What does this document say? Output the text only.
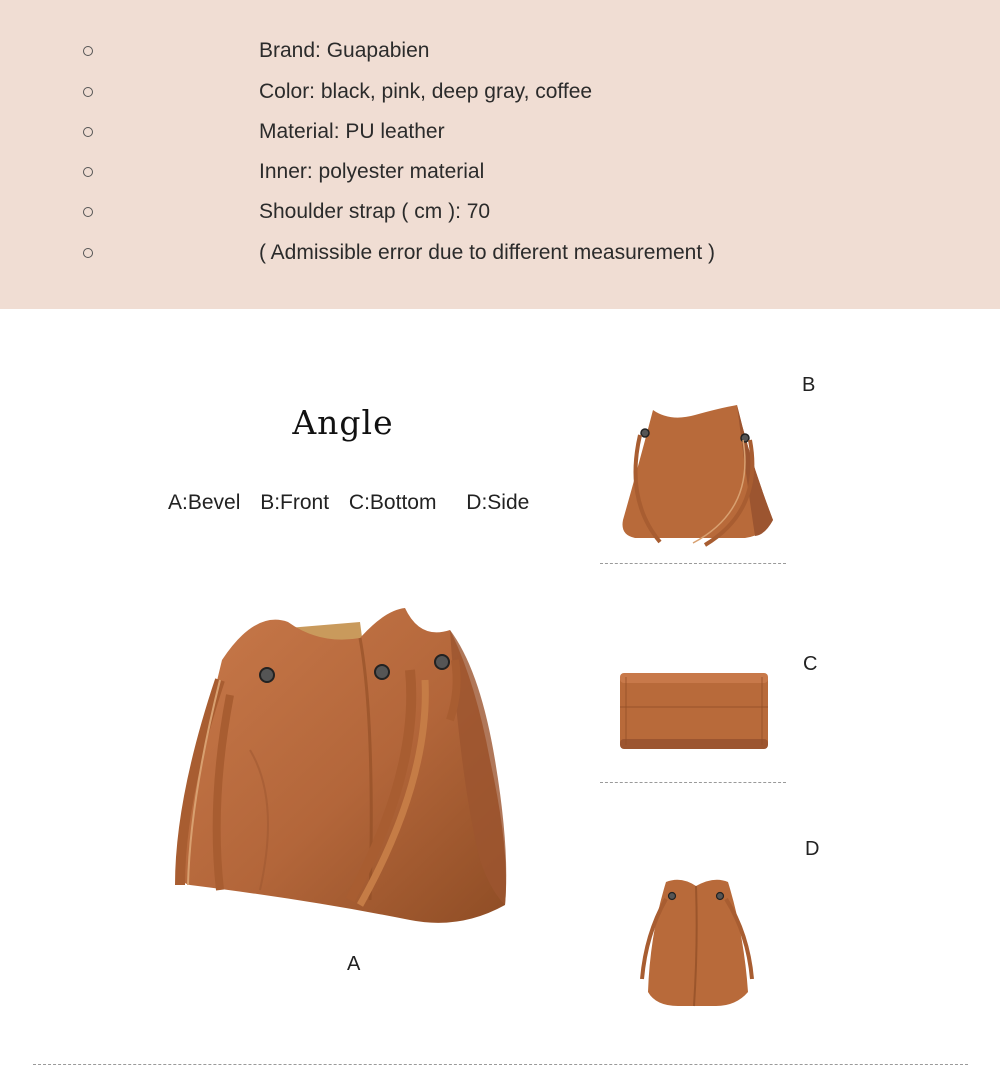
Brand: Guapabien
Color: black, pink, deep gray, coffee
Material: PU leather
Inner: polyester material
Shoulder strap ( cm ): 70
( Admissible error due to different measurement )
Angle
A:Bevel B:Front C:Bottom D:Side
A
B
C
D
